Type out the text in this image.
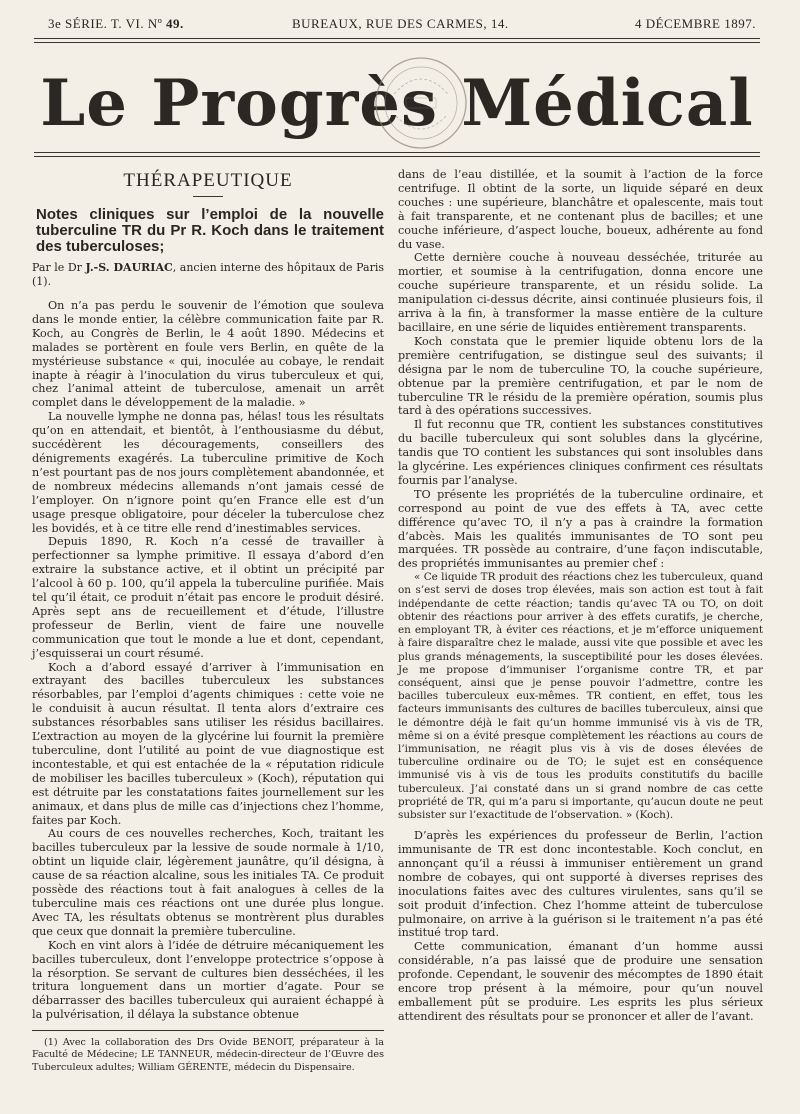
3e SÉRIE. T. VI. Nº 49.	BUREAUX, RUE DES CARMES, 14.	4 DÉCEMBRE 1897.
Le Progrès Médical
THÉRAPEUTIQUE
Notes cliniques sur l’emploi de la nouvelle tuberculine TR du Pr R. Koch dans le traitement des tuberculoses;
Par le Dr J.-S. DAURIAC, ancien interne des hôpitaux de Paris (1).

On n’a pas perdu le souvenir de l’émotion que souleva dans le monde entier, la célèbre communication faite par R. Koch, au Congrès de Berlin, le 4 août 1890. Médecins et malades se portèrent en foule vers Berlin, en quête de la mystérieuse substance « qui, inoculée au cobaye, le rendait inapte à réagir à l’inoculation du virus tuberculeux et qui, chez l’animal atteint de tuberculose, amenait un arrêt complet dans le développement de la maladie. »

La nouvelle lymphe ne donna pas, hélas! tous les résultats qu’on en attendait, et bientôt, à l’enthousiasme du début, succédèrent les découragements, conseillers des dénigrements exagérés. La tuberculine primitive de Koch n’est pourtant pas de nos jours complètement abandonnée, et de nombreux médecins allemands n’ont jamais cessé de l’employer. On n’ignore point qu’en France elle est d’un usage presque obligatoire, pour déceler la tuberculose chez les bovidés, et à ce titre elle rend d’inestimables services.

Depuis 1890, R. Koch n’a cessé de travailler à perfectionner sa lymphe primitive. Il essaya d’abord d’en extraire la substance active, et il obtint un précipité par l’alcool à 60 p. 100, qu’il appela la tuberculine purifiée. Mais tel qu’il était, ce produit n’était pas encore le produit désiré. Après sept ans de recueillement et d’étude, l’illustre professeur de Berlin, vient de faire une nouvelle communication que tout le monde a lue et dont, cependant, j’esquisserai un court résumé.

Koch a d’abord essayé d’arriver à l’immunisation en extrayant des bacilles tuberculeux les substances résorbables, par l’emploi d’agents chimiques : cette voie ne le conduisit à aucun résultat. Il tenta alors d’extraire ces substances résorbables sans utiliser les résidus bacillaires. L’extraction au moyen de la glycérine lui fournit la première tuberculine, dont l’utilité au point de vue diagnostique est incontestable, et qui est entachée de la « réputation ridicule de mobiliser les bacilles tuberculeux » (Koch), réputation qui est détruite par les constatations faites journellement sur les animaux, et dans plus de mille cas d’injections chez l’homme, faites par Koch.

Au cours de ces nouvelles recherches, Koch, traitant les bacilles tuberculeux par la lessive de soude normale à 1/10, obtint un liquide clair, légèrement jaunâtre, qu’il désigna, à cause de sa réaction alcaline, sous les initiales TA. Ce produit possède des réactions tout à fait analogues à celles de la tuberculine mais ces réactions ont une durée plus longue. Avec TA, les résultats obtenus se montrèrent plus durables que ceux que donnait la première tuberculine.

Koch en vint alors à l’idée de détruire mécaniquement les bacilles tuberculeux, dont l’enveloppe protectrice s’oppose à la résorption. Se servant de cultures bien desséchées, il les tritura longuement dans un mortier d’agate. Pour se débarrasser des bacilles tuberculeux qui auraient échappé à la pulvérisation, il délaya la substance obtenue

(1) Avec la collaboration des Drs Ovide BENOIT, préparateur à la Faculté de Médecine; LE TANNEUR, médecin-directeur de l’Œuvre des Tuberculeux adultes; William GÉRENTE, médecin du Dispensaire.

dans de l’eau distillée, et la soumit à l’action de la force centrifuge. Il obtint de la sorte, un liquide séparé en deux couches : une supérieure, blanchâtre et opalescente, mais tout à fait transparente, et ne contenant plus de bacilles; et une couche inférieure, d’aspect louche, boueux, adhérente au fond du vase.

Cette dernière couche à nouveau desséchée, triturée au mortier, et soumise à la centrifugation, donna encore une couche supérieure transparente, et un résidu solide. La manipulation ci-dessus décrite, ainsi continuée plusieurs fois, il arriva à la fin, à transformer la masse entière de la culture bacillaire, en une série de liquides entièrement transparents.

Koch constata que le premier liquide obtenu lors de la première centrifugation, se distingue seul des suivants; il désigna par le nom de tuberculine TO, la couche supérieure, obtenue par la première centrifugation, et par le nom de tuberculine TR le résidu de la première opération, soumis plus tard à des opérations successives.

Il fut reconnu que TR, contient les substances constitutives du bacille tuberculeux qui sont solubles dans la glycérine, tandis que TO contient les substances qui sont insolubles dans la glycérine. Les expériences cliniques confirment ces résultats fournis par l’analyse.

TO présente les propriétés de la tuberculine ordinaire, et correspond au point de vue des effets à TA, avec cette différence qu’avec TO, il n’y a pas à craindre la formation d’abcès. Mais les qualités immunisantes de TO sont peu marquées. TR possède au contraire, d’une façon indiscutable, des propriétés immunisantes au premier chef :

« Ce liquide TR produit des réactions chez les tuberculeux, quand on s’est servi de doses trop élevées, mais son action est tout à fait indépendante de cette réaction; tandis qu’avec TA ou TO, on doit obtenir des réactions pour arriver à des effets curatifs, je cherche, en employant TR, à éviter ces réactions, et je m’efforce uniquement à faire disparaître chez le malade, aussi vite que possible et avec les plus grands ménagements, la susceptibilité pour les doses élevées. Je me propose d’immuniser l’organisme contre TR, et par conséquent, ainsi que je pense pouvoir l’admettre, contre les bacilles tuberculeux eux-mêmes. TR contient, en effet, tous les facteurs immunisants des cultures de bacilles tuberculeux, ainsi que le démontre déjà le fait qu’un homme immunisé vis à vis de TR, même si on a évité presque complètement les réactions au cours de l’immunisation, ne réagit plus vis à vis de doses élevées de tuberculine ordinaire ou de TO; le sujet est en conséquence immunisé vis à vis de tous les produits constitutifs du bacille tuberculeux. J’ai constaté dans un si grand nombre de cas cette propriété de TR, qui m’a paru si importante, qu’aucun doute ne peut subsister sur l’exactitude de l’observation. » (Koch).

D’après les expériences du professeur de Berlin, l’action immunisante de TR est donc incontestable. Koch conclut, en annonçant qu’il a réussi à immuniser entièrement un grand nombre de cobayes, qui ont supporté à diverses reprises des inoculations faites avec des cultures virulentes, sans qu’il se soit produit d’infection. Chez l’homme atteint de tuberculose pulmonaire, on arrive à la guérison si le traitement n’a pas été institué trop tard.

Cette communication, émanant d’un homme aussi considérable, n’a pas laissé que de produire une sensation profonde. Cependant, le souvenir des mécomptes de 1890 était encore trop présent à la mémoire, pour qu’un nouvel emballement pût se produire. Les esprits les plus sérieux attendirent des résultats pour se prononcer et aller de l’avant.
